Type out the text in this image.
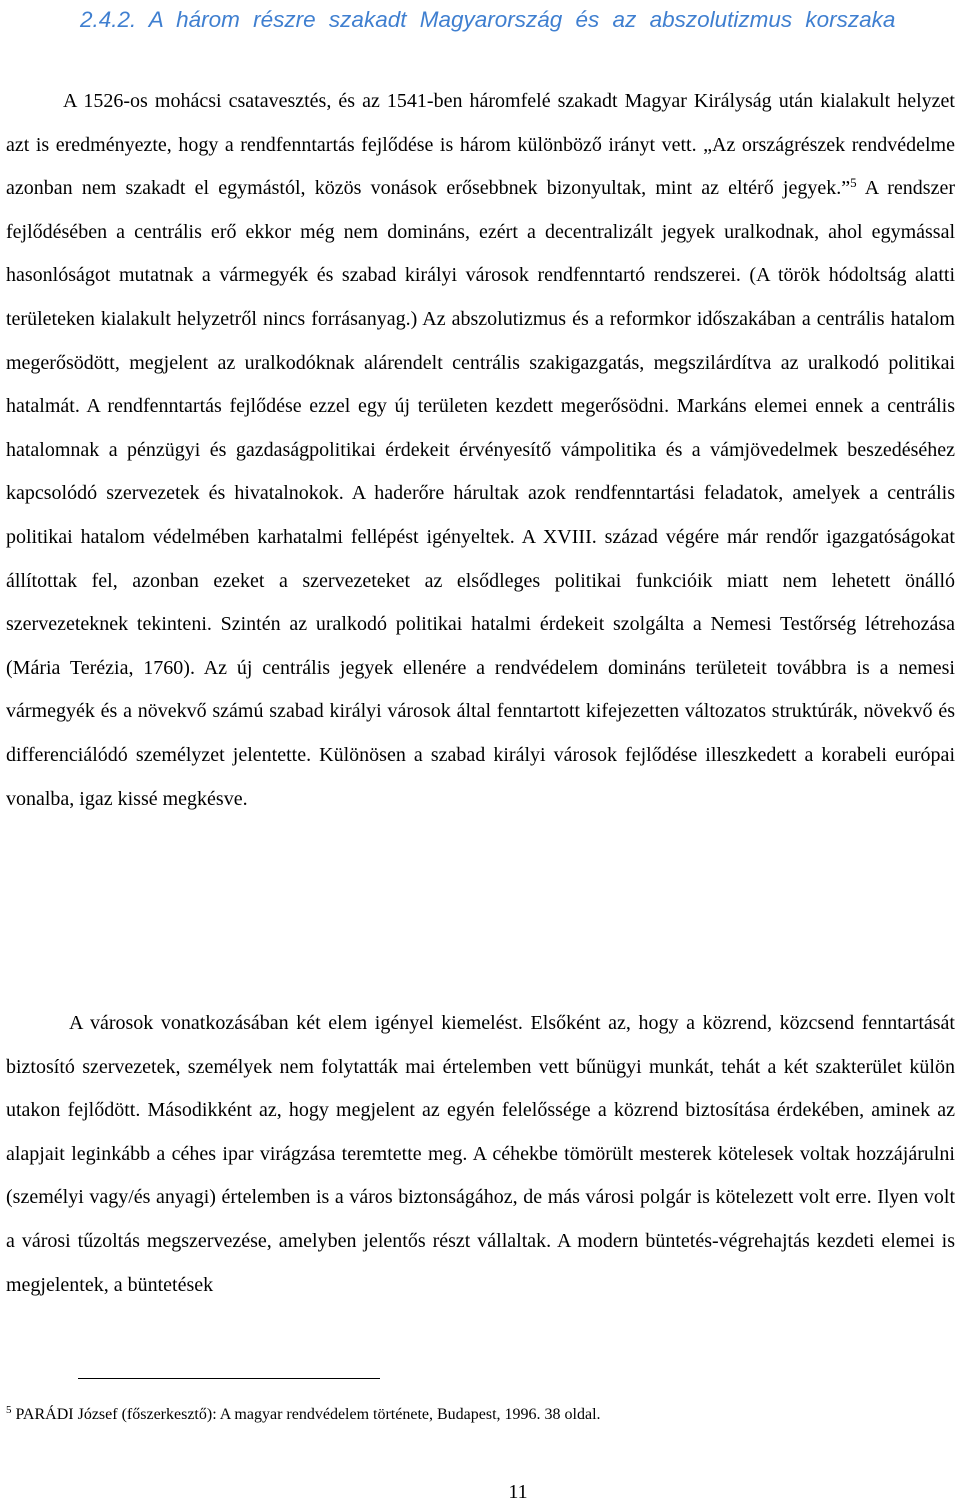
2.4.2. A három részre szakadt Magyarország és az abszolutizmus korszaka

A 1526-os mohácsi csatavesztés, és az 1541-ben háromfelé szakadt Magyar Királyság után kialakult helyzet azt is eredményezte, hogy a rendfenntartás fejlődése is három különböző irányt vett. „Az országrészek rendvédelme azonban nem szakadt el egymástól, közös vonások erősebbnek bizonyultak, mint az eltérő jegyek.”$^5$ A rendszer fejlődésében a centrális erő ekkor még nem domináns, ezért a decentralizált jegyek uralkodnak, ahol egymással hasonlóságot mutatnak a vármegyék és szabad királyi városok rendfenntartó rendszerei. (A török hódoltság alatti területeken kialakult helyzetről nincs forrásanyag.) Az abszolutizmus és a reformkor időszakában a centrális hatalom megerősödött, megjelent az uralkodóknak alárendelt centrális szakigazgatás, megszilárdítva az uralkodó politikai hatalmát. A rendfenntartás fejlődése ezzel egy új területen kezdett megerősödni. Markáns elemei ennek a centrális hatalomnak a pénzügyi és gazdaságpolitikai érdekeit érvényesítő vámpolitika és a vámjövedelmek beszedéséhez kapcsolódó szervezetek és hivatalnokok. A haderőre hárultak azok rendfenntartási feladatok, amelyek a centrális politikai hatalom védelmében karhatalmi fellépést igényeltek. A XVIII. század végére már rendőr igazgatóságokat állítottak fel, azonban ezeket a szervezeteket az elsődleges politikai funkcióik miatt nem lehetett önálló szervezeteknek tekinteni. Szintén az uralkodó politikai hatalmi érdekeit szolgálta a Nemesi Testőrség létrehozása (Mária Terézia, 1760). Az új centrális jegyek ellenére a rendvédelem domináns területeit továbbra is a nemesi vármegyék és a növekvő számú szabad királyi városok által fenntartott kifejezetten változatos struktúrák, növekvő és differenciálódó személyzet jelentette. Különösen a szabad királyi városok fejlődése illeszkedett a korabeli európai vonalba, igaz kissé megkésve.

A városok vonatkozásában két elem igényel kiemelést. Elsőként az, hogy a közrend, közcsend fenntartását biztosító szervezetek, személyek nem folytatták mai értelemben vett bűnügyi munkát, tehát a két szakterület külön utakon fejlődött. Másodikként az, hogy megjelent az egyén felelőssége a közrend biztosítása érdekében, aminek az alapjait leginkább a céhes ipar virágzása teremtette meg. A céhekbe tömörült mesterek kötelesek voltak hozzájárulni (személyi vagy/és anyagi) értelemben is a város biztonságához, de más városi polgár is kötelezett volt erre. Ilyen volt a városi tűzoltás megszervezése, amelyben jelentős részt vállaltak. A modern büntetés-végrehajtás kezdeti elemei is megjelentek, a büntetések

$^5$ PARÁDI József (főszerkesztő): A magyar rendvédelem története, Budapest, 1996. 38 oldal.

11
